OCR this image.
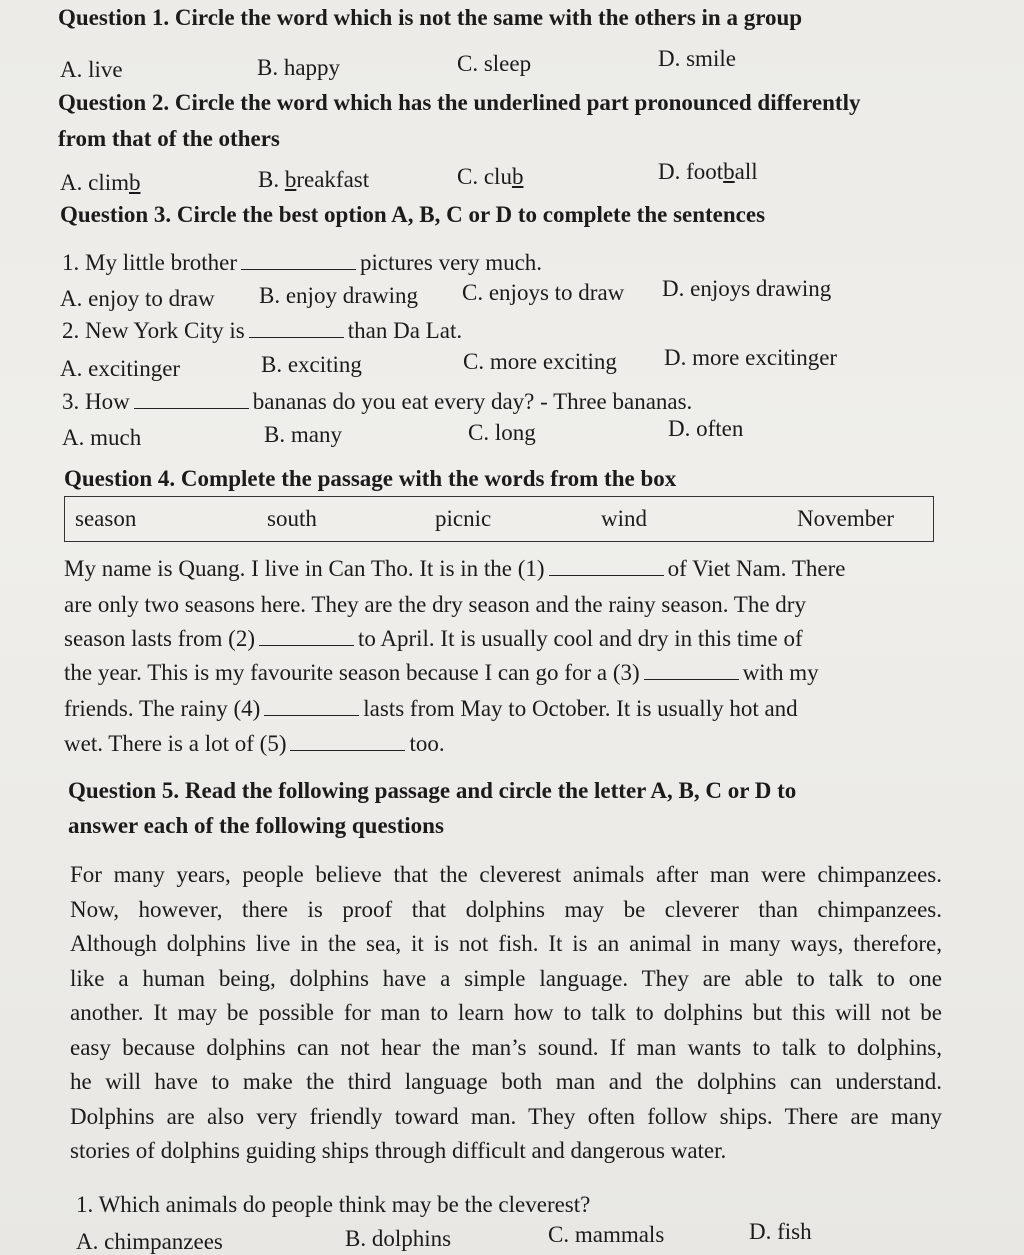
Question 1. Circle the word which is not the same with the others in a group
A. live	B. happy	C. sleep	D. smile
Question 2. Circle the word which has the underlined part pronounced differently
from that of the others
A. climb	B. breakfast	C. club	D. football
Question 3. Circle the best option A, B, C or D to complete the sentences
1. My little brother	pictures very much.
A. enjoy to draw B. enjoy drawing C. enjoys to draw D. enjoys drawing
2. New York City is	than Da Lat.
A. excitinger	B. exciting	C. more exciting D. more excitinger
3. How	bananas do you eat every day? - Three bananas.
A. much	B. many	C. long	D. often
Question 4. Complete the passage with the words from the box
season	south	picnic	wind	November
My name is Quang. I live in Can Tho. It is in the (1)	of Viet Nam. There
are only two seasons here. They are the dry season and the rainy season. The dry
season lasts from (2)	to April. It is usually cool and dry in this time of
the year. This is my favourite season because I can go for a (3)	with my
friends. The rainy (4)	lasts from May to October. It is usually hot and
wet. There is a lot of (5)	too.
Question 5. Read the following passage and circle the letter A, B, C or D to
answer each of the following questions
For many years, people believe that the cleverest animals after man were chimpanzees.
Now, however, there is proof that dolphins may be cleverer than chimpanzees.
Although dolphins live in the sea, it is not fish. It is an animal in many ways, therefore,
like a human being, dolphins have a simple language. They are able to talk to one
another. It may be possible for man to learn how to talk to dolphins but this will not be
easy because dolphins can not hear the man’s sound. If man wants to talk to dolphins,
he will have to make the third language both man and the dolphins can understand.
Dolphins are also very friendly toward man. They often follow ships. There are many
stories of dolphins guiding ships through difficult and dangerous water.
1. Which animals do people think may be the cleverest?
A. chimpanzees	B. dolphins	C. mammals	D. fish
